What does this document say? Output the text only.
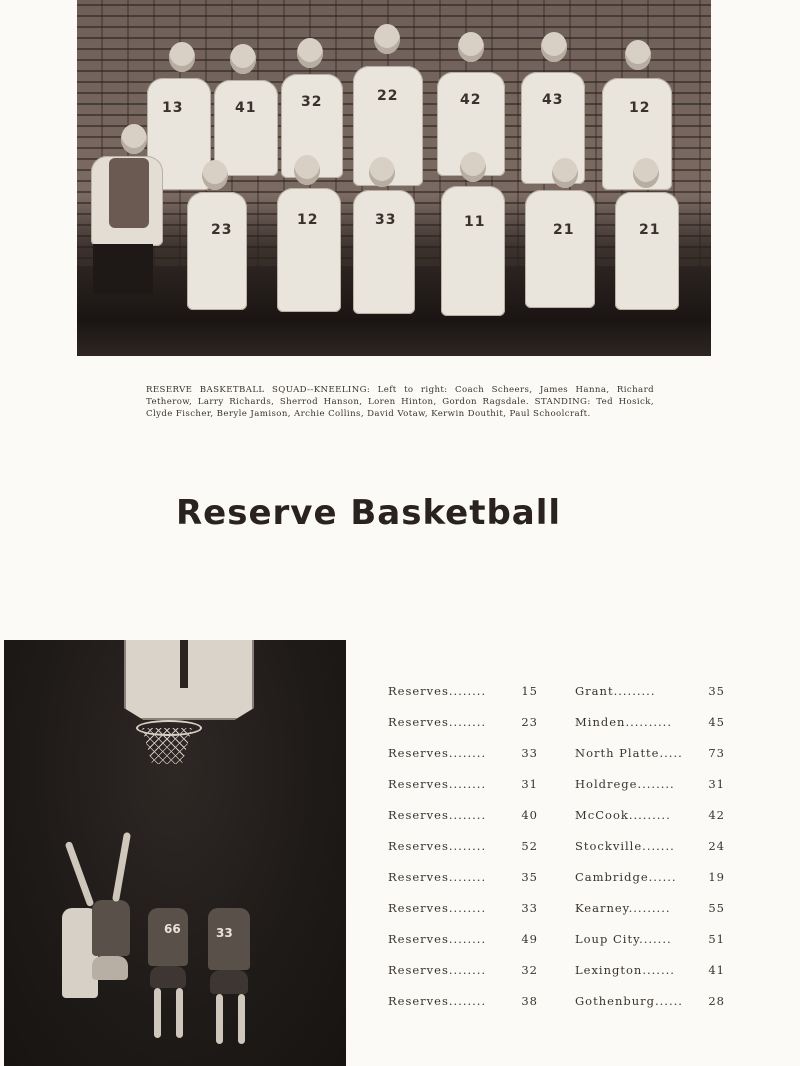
13	41	32	22	42	43	12
23
12	33	11	21	21
RESERVE BASKETBALL SQUAD--KNEELING: Left to right: Coach Scheers, James Hanna, Richard Tetherow, Larry Richards, Sherrod Hanson, Loren Hinton, Gordon Ragsdale. STANDING: Ted Hosick, Clyde Fischer, Beryle Jamison, Archie Collins, David Votaw, Kerwin Douthit, Paul Schoolcraft.
Reserve Basketball
66	33
Reserves........	15	Grant.........	35
Reserves........	23	Minden..........	45
Reserves........	33	North Platte..... 73
Reserves........	31	Holdrege........	31
Reserves........	40	McCook.........	42
Reserves........	52	Stockville.......	24
Reserves........	35	Cambridge......	19
Reserves........	33	Kearney.........	55
Reserves........	49	Loup City.......	51
Reserves........	32	Lexington.......	41
Reserves........	38	Gothenburg...... 28
